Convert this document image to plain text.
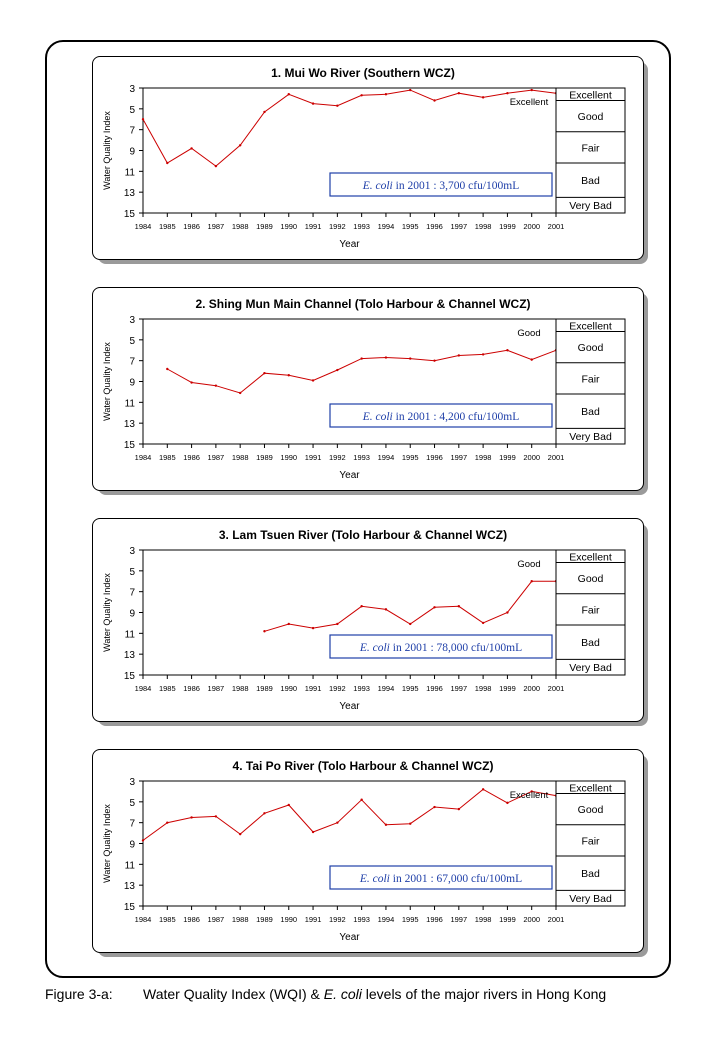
1. Mui Wo River (Southern WCZ)
3
5
7
9
11
13
15
Water Quality Index
1984 1985 1986 1987 1988 1989 1990 1991 1992 1993 1994 1995 1996 1997 1998 1999 2000 2001
Year
Excellent
Good
Fair
Bad
Very Bad
Excellent
E. coli in 2001 : 3,700 cfu/100mL
2. Shing Mun Main Channel (Tolo Harbour & Channel WCZ)
3
5
7
9
11
13
15
Water Quality Index
1984 1985 1986 1987 1988 1989 1990 1991 1992 1993 1994 1995 1996 1997 1998 1999 2000 2001
Year
Excellent
Good
Fair
Bad
Very Bad
Good
E. coli in 2001 : 4,200 cfu/100mL
3. Lam Tsuen River (Tolo Harbour & Channel WCZ)
3
5
7
9
11
13
15
Water Quality Index
1984 1985 1986 1987 1988 1989 1990 1991 1992 1993 1994 1995 1996 1997 1998 1999 2000 2001
Year
Excellent
Good
Fair
Bad
Very Bad
Good
E. coli in 2001 : 78,000 cfu/100mL
4. Tai Po River (Tolo Harbour & Channel WCZ)
3
5
7
9
11
13
15
Water Quality Index
1984 1985 1986 1987 1988 1989 1990 1991 1992 1993 1994 1995 1996 1997 1998 1999 2000 2001
Year
Excellent
Good
Fair
Bad
Very Bad
Excellent
E. coli in 2001 : 67,000 cfu/100mL
Figure 3-a: Water Quality Index (WQI) & E. coli levels of the major rivers in Hong Kong
